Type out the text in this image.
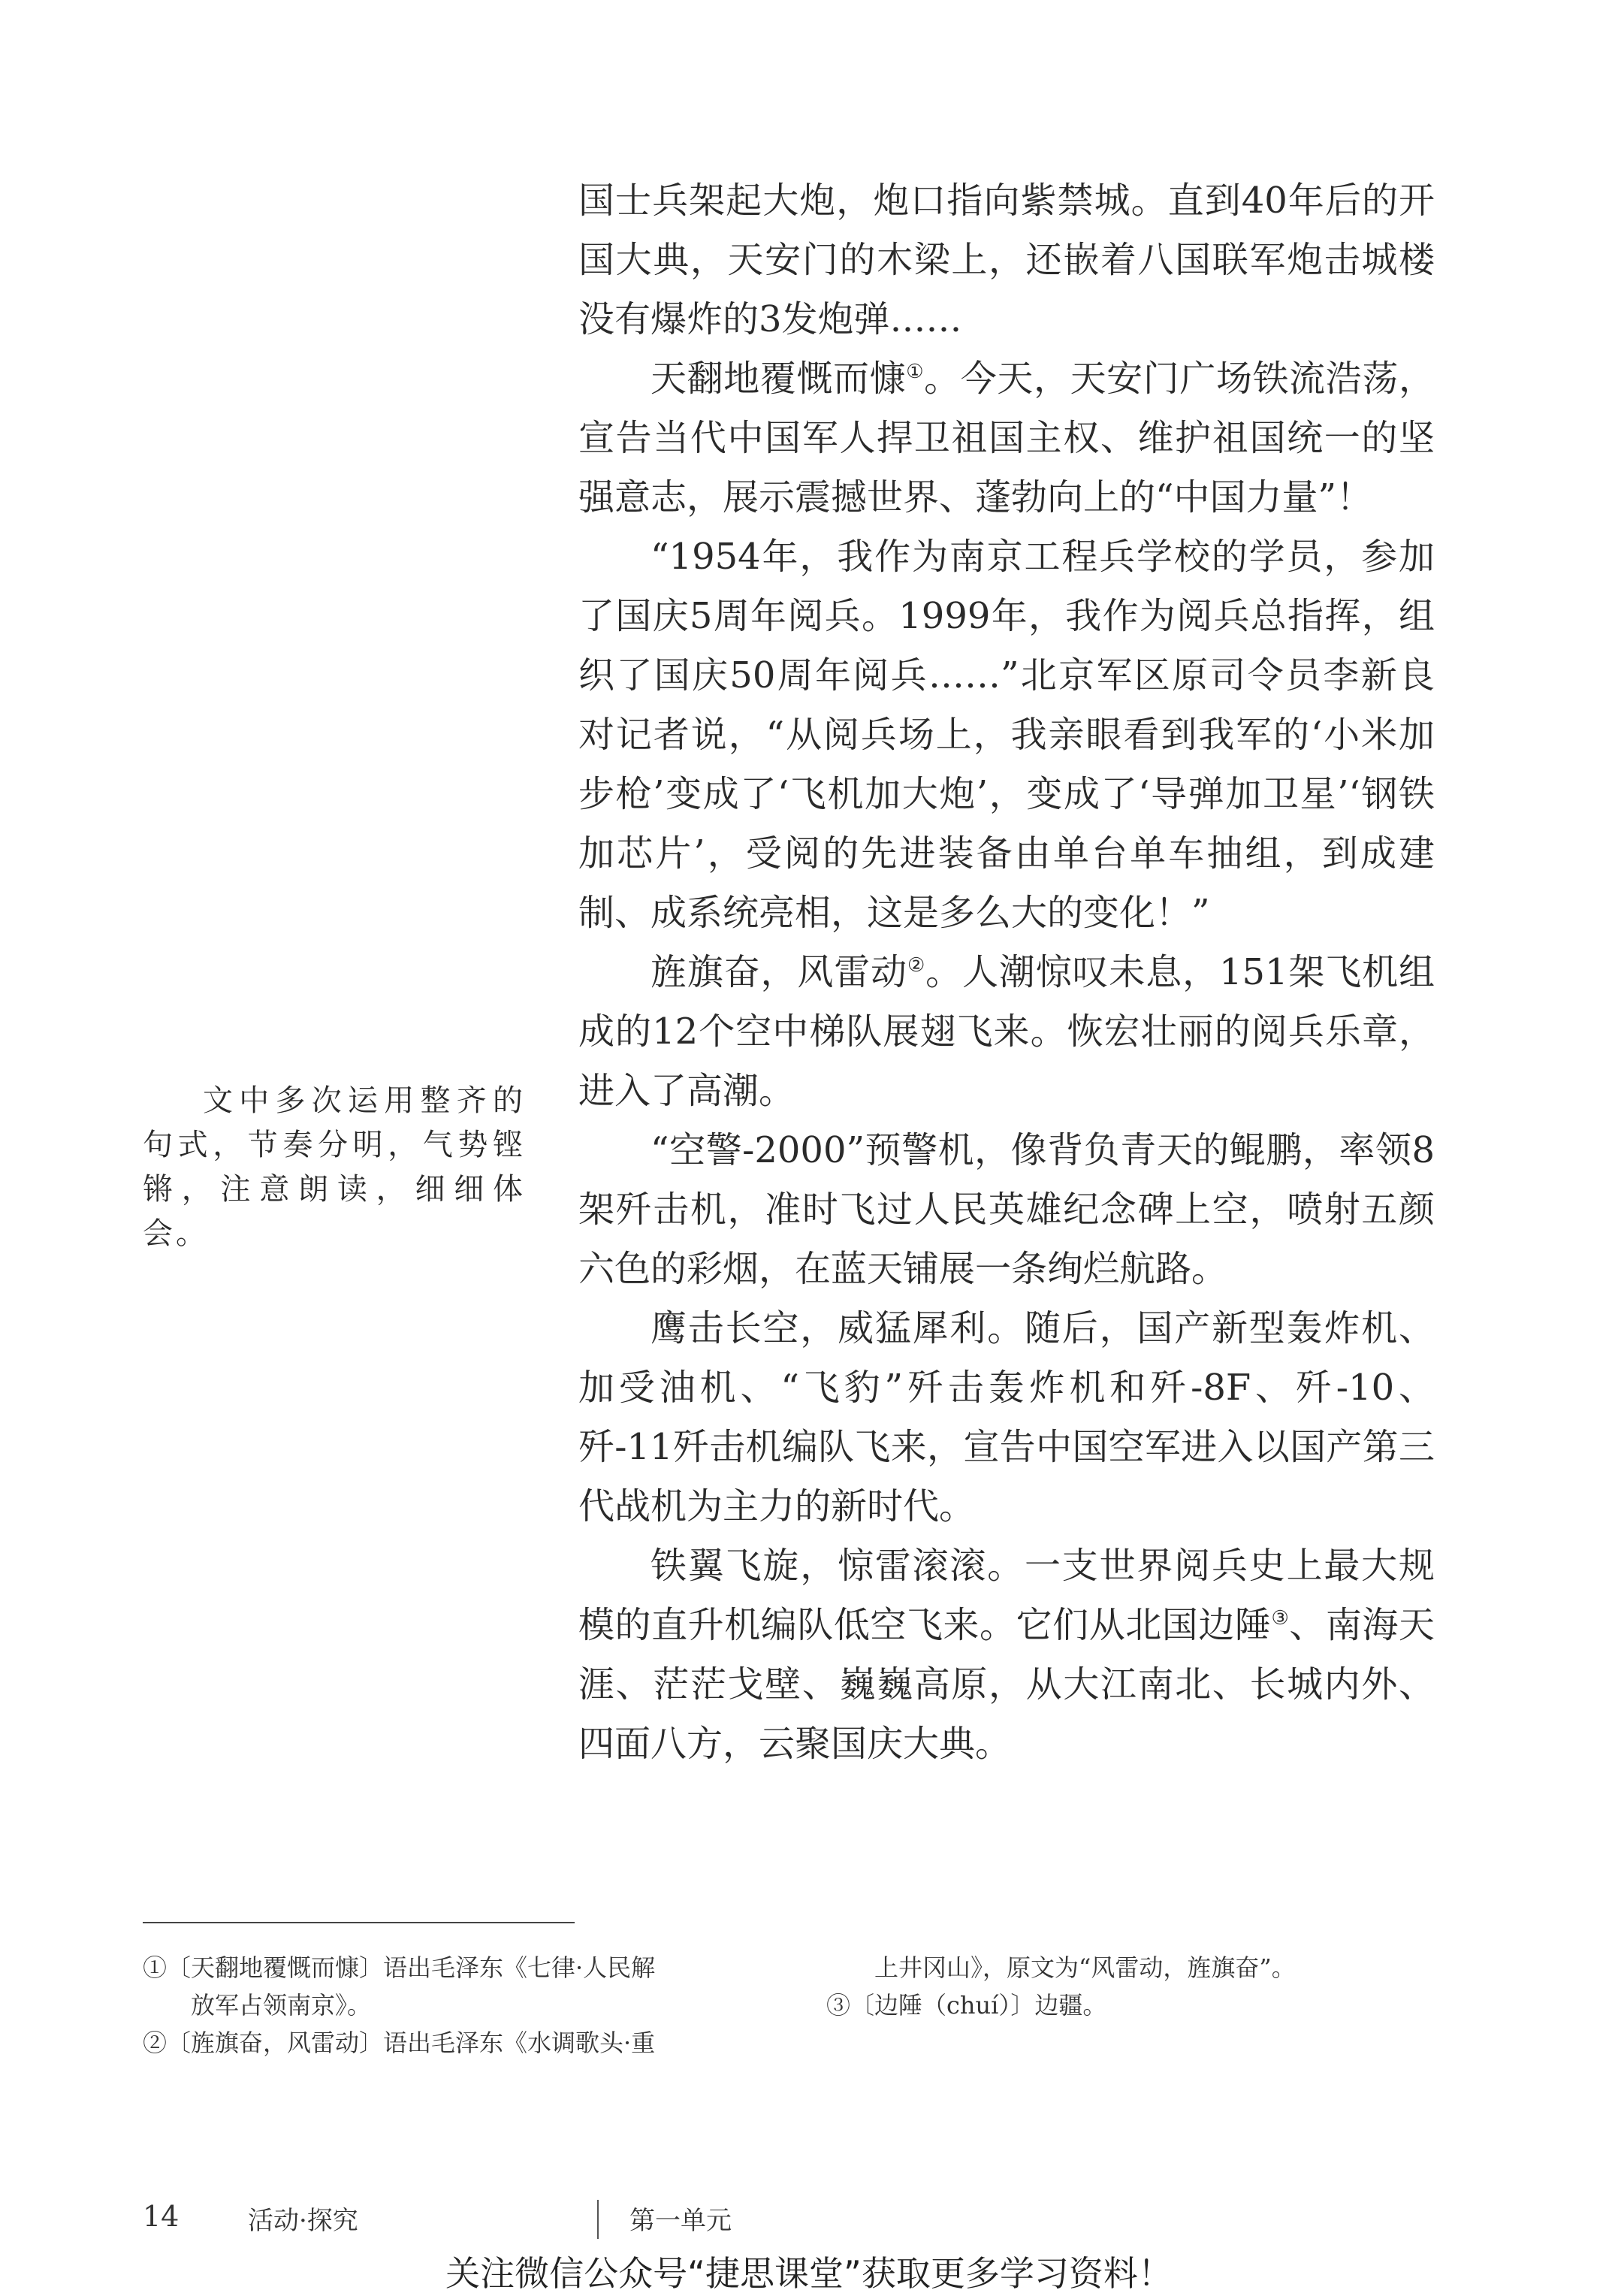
国士兵架起大炮，炮口指向紫禁城。直到40年后的开国大典，天安门的木梁上，还嵌着八国联军炮击城楼没有爆炸的3发炮弹……

天翻地覆慨而慷①。今天，天安门广场铁流浩荡，宣告当代中国军人捍卫祖国主权、维护祖国统一的坚强意志，展示震撼世界、蓬勃向上的“中国力量”！

“1954年，我作为南京工程兵学校的学员，参加了国庆5周年阅兵。1999年，我作为阅兵总指挥，组织了国庆50周年阅兵……”北京军区原司令员李新良对记者说，“从阅兵场上，我亲眼看到我军的‘小米加步枪’变成了‘飞机加大炮’，变成了‘导弹加卫星’‘钢铁加芯片’，受阅的先进装备由单台单车抽组，到成建制、成系统亮相，这是多么大的变化！”

旌旗奋，风雷动②。人潮惊叹未息，151架飞机组成的12个空中梯队展翅飞来。恢宏壮丽的阅兵乐章，进入了高潮。

“空警-2000”预警机，像背负青天的鲲鹏，率领8架歼击机，准时飞过人民英雄纪念碑上空，喷射五颜六色的彩烟，在蓝天铺展一条绚烂航路。

鹰击长空，威猛犀利。随后，国产新型轰炸机、加受油机、“飞豹”歼击轰炸机和歼-8F、歼-10、歼-11歼击机编队飞来，宣告中国空军进入以国产第三代战机为主力的新时代。

铁翼飞旋，惊雷滚滚。一支世界阅兵史上最大规模的直升机编队低空飞来。它们从北国边陲③、南海天涯、茫茫戈壁、巍巍高原，从大江南北、长城内外、四面八方，云聚国庆大典。

文中多次运用整齐的句式，节奏分明，气势铿锵，注意朗读，细细体会。

①〔天翻地覆慨而慷〕语出毛泽东《七律·人民解

放军占领南京》。

②〔旌旗奋，风雷动〕语出毛泽东《水调歌头·重

上井冈山》，原文为“风雷动，旌旗奋”。

③〔边陲（chuí）〕边疆。

14	活动·探究	第一单元
关注微信公众号“捷思课堂”获取更多学习资料！
